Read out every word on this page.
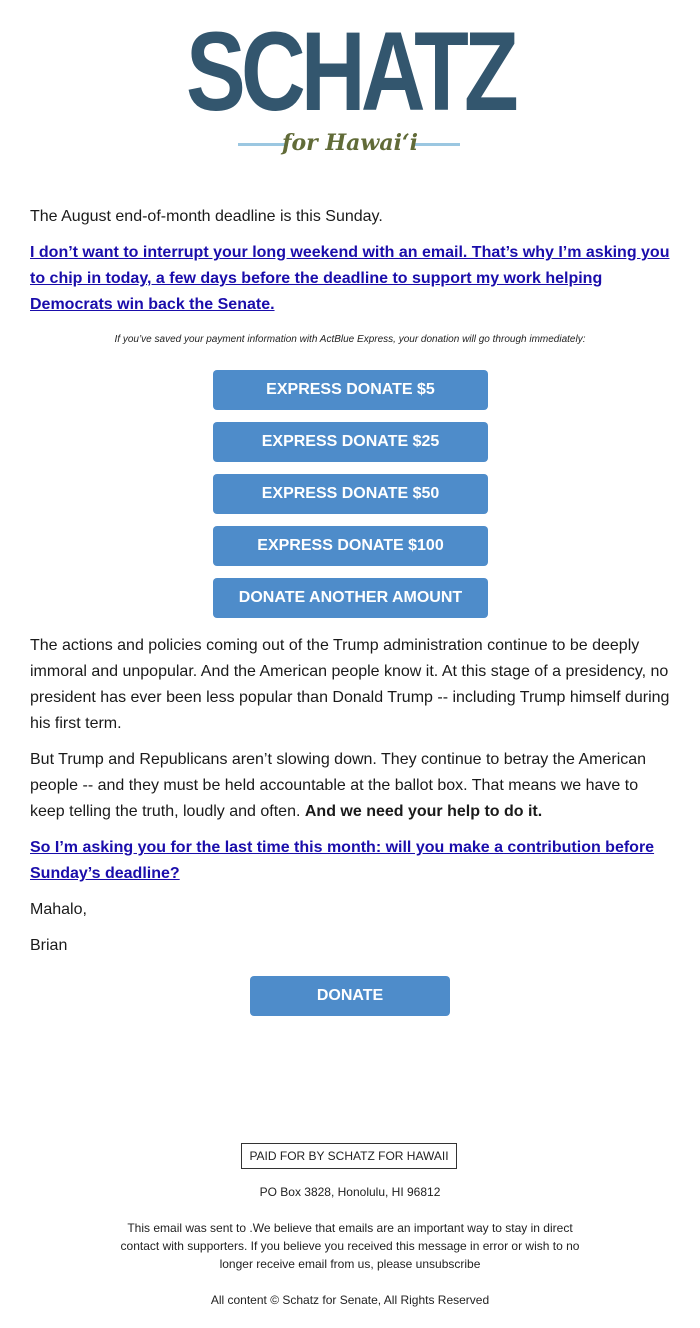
SCHATZ
for Hawaiʻi
The August end-of-month deadline is this Sunday.
I don’t want to interrupt your long weekend with an email. That’s why I’m asking you to chip in today, a few days before the deadline to support my work helping Democrats win back the Senate.
If you’ve saved your payment information with ActBlue Express, your donation will go through immediately:
EXPRESS DONATE $5
EXPRESS DONATE $25
EXPRESS DONATE $50
EXPRESS DONATE $100
DONATE ANOTHER AMOUNT
The actions and policies coming out of the Trump administration continue to be deeply immoral and unpopular. And the American people know it. At this stage of a presidency, no president has ever been less popular than Donald Trump -- including Trump himself during his first term.
But Trump and Republicans aren’t slowing down. They continue to betray the American people -- and they must be held accountable at the ballot box. That means we have to keep telling the truth, loudly and often. And we need your help to do it.
So I’m asking you for the last time this month: will you make a contribution before Sunday’s deadline?
Mahalo,
Brian
DONATE
PAID FOR BY SCHATZ FOR HAWAII
PO Box 3828, Honolulu, HI 96812
This email was sent to .We believe that emails are an important way to stay in direct contact with supporters. If you believe you received this message in error or wish to no longer receive email from us, please unsubscribe
All content © Schatz for Senate, All Rights Reserved
